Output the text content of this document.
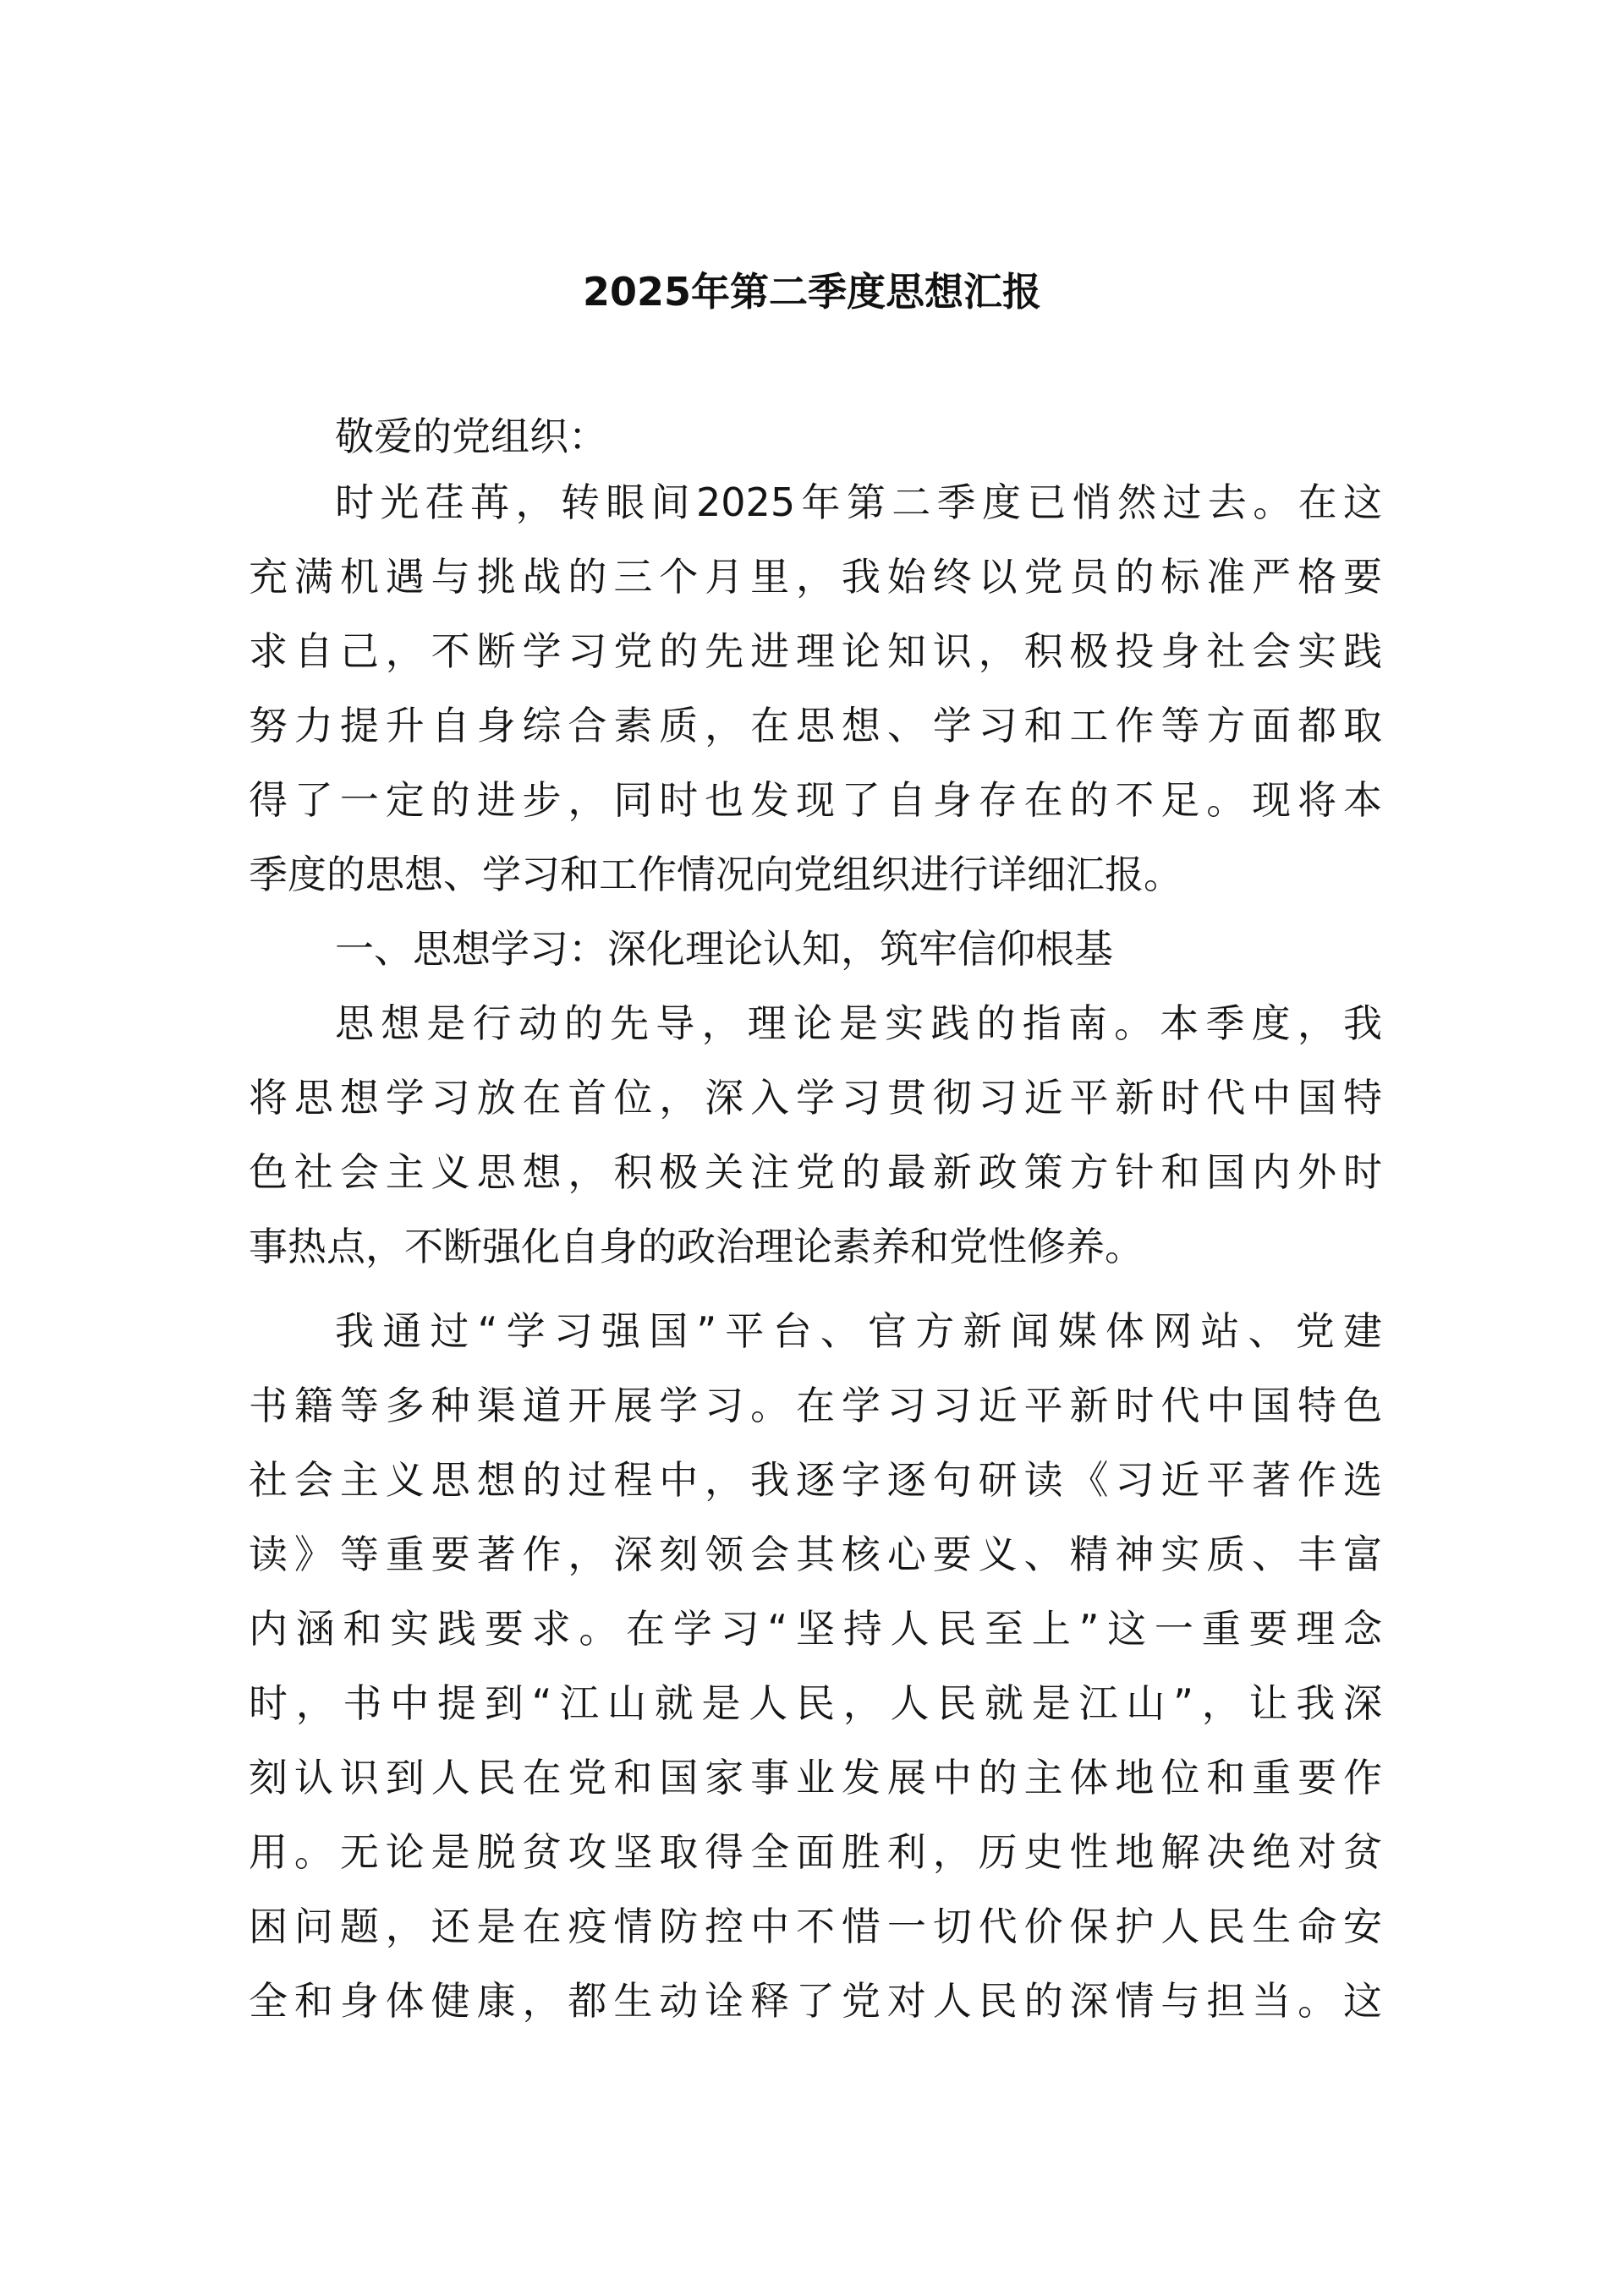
2025年第二季度思想汇报
敬爱的党组织：
时光荏苒，转眼间2025年第二季度已悄然过去。在这
充满机遇与挑战的三个月里，我始终以党员的标准严格要
求自己，不断学习党的先进理论知识，积极投身社会实践
努力提升自身综合素质，在思想、学习和工作等方面都取
得了一定的进步，同时也发现了自身存在的不足。现将本
季度的思想、学习和工作情况向党组织进行详细汇报。
一、思想学习：深化理论认知，筑牢信仰根基
思想是行动的先导，理论是实践的指南。本季度，我
将思想学习放在首位，深入学习贯彻习近平新时代中国特
色社会主义思想，积极关注党的最新政策方针和国内外时
事热点，不断强化自身的政治理论素养和党性修养。
我通过“学习强国”平台、官方新闻媒体网站、党建
书籍等多种渠道开展学习。在学习习近平新时代中国特色
社会主义思想的过程中，我逐字逐句研读《习近平著作选
读》等重要著作，深刻领会其核心要义、精神实质、丰富
内涵和实践要求。在学习“坚持人民至上”这一重要理念
时，书中提到“江山就是人民，人民就是江山”，让我深
刻认识到人民在党和国家事业发展中的主体地位和重要作
用。无论是脱贫攻坚取得全面胜利，历史性地解决绝对贫
困问题，还是在疫情防控中不惜一切代价保护人民生命安
全和身体健康，都生动诠释了党对人民的深情与担当。这
